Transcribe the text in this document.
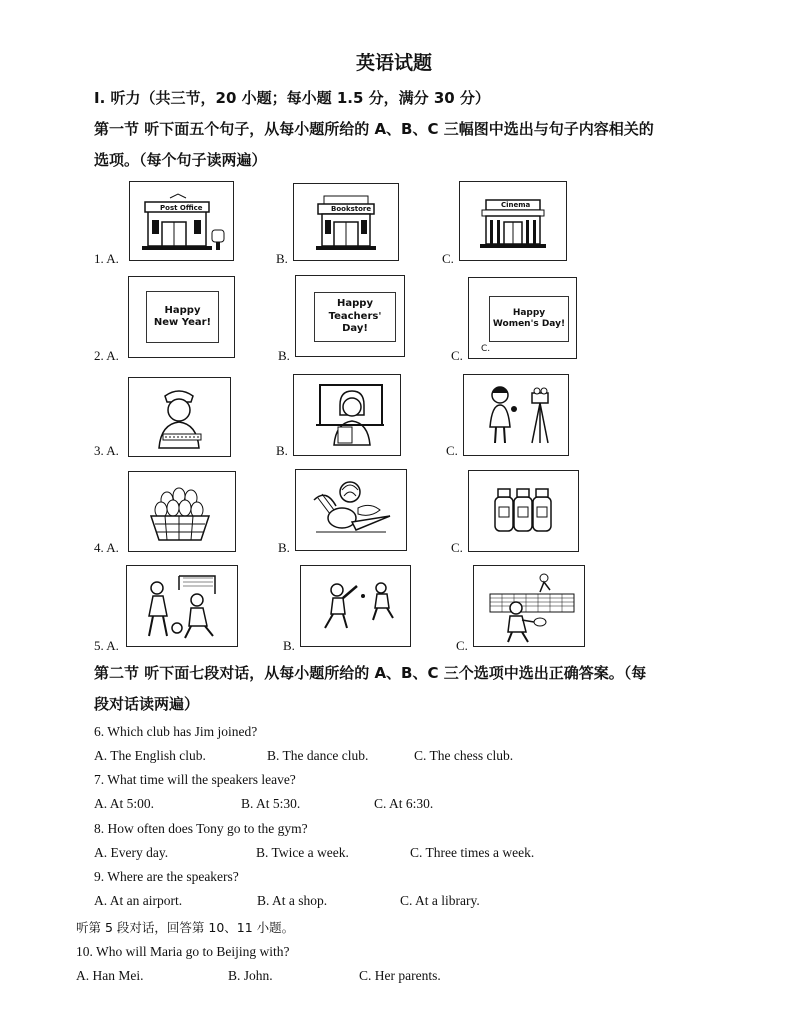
英语试题
Ⅰ. 听力（共三节，20 小题；每小题 1.5 分，满分 30 分）
第一节 听下面五个句子，从每小题所给的 A、B、C 三幅图中选出与句子内容相关的
选项。（每个句子读两遍）
1. A.
Post Office
B.
Bookstore
C.
Cinema
2. A.
Happy
New Year!
B.
Happy
Teachers' Day!
C.
Happy
Women's Day!
C.
3. A.	B.	C.
4. A.	B.	C.
5. A.	B.	C.
第二节 听下面七段对话，从每小题所给的 A、B、C 三个选项中选出正确答案。（每
段对话读两遍）
6. Which club has Jim joined?
A. The English club.	B. The dance club.	C. The chess club.
7. What time will the speakers leave?
A. At 5:00.	B. At 5:30.	C. At 6:30.
8. How often does Tony go to the gym?
A. Every day.	B. Twice a week.	C. Three times a week.
9. Where are the speakers?
A. At an airport.	B. At a shop.	C. At a library.
听第 5 段对话，回答第 10、11 小题。
10. Who will Maria go to Beijing with?
A. Han Mei.	B. John.	C. Her parents.
